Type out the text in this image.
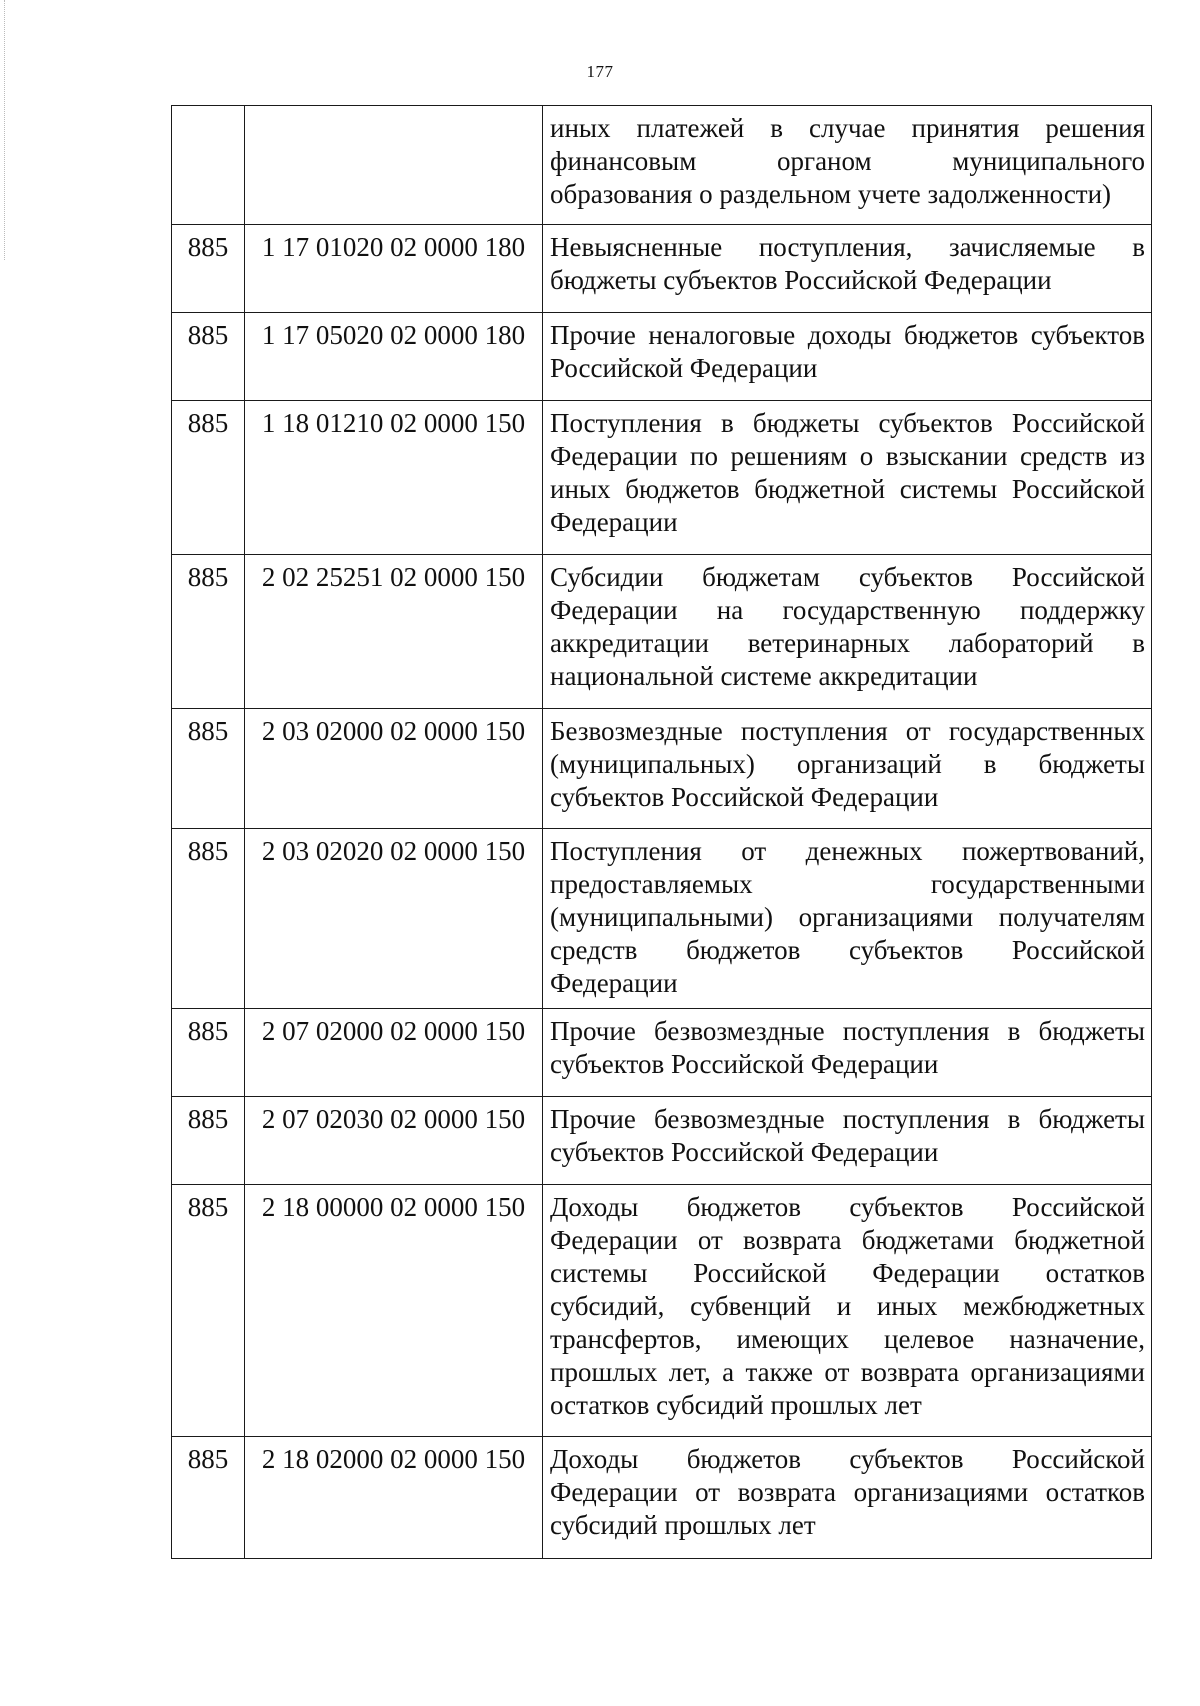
177
		иных платежей в случае принятия решения финансовым органом муниципального образования о раздельном учете задолженности)
885	1 17 01020 02 0000 180	Невыясненные поступления, зачисляемые в бюджеты субъектов Российской Федерации
885	1 17 05020 02 0000 180	Прочие неналоговые доходы бюджетов субъектов Российской Федерации
885	1 18 01210 02 0000 150	Поступления в бюджеты субъектов Российской Федерации по решениям о взыскании средств из иных бюджетов бюджетной системы Российской Федерации
885	2 02 25251 02 0000 150	Субсидии бюджетам субъектов Российской Федерации на государственную поддержку аккредитации ветеринарных лабораторий в национальной системе аккредитации
885	2 03 02000 02 0000 150	Безвозмездные поступления от государственных (муниципальных) организаций в бюджеты субъектов Российской Федерации
885	2 03 02020 02 0000 150	Поступления от денежных пожертвований, предоставляемых государственными (муниципальными) организациями получателям средств бюджетов субъектов Российской Федерации
885	2 07 02000 02 0000 150	Прочие безвозмездные поступления в бюджеты субъектов Российской Федерации
885	2 07 02030 02 0000 150	Прочие безвозмездные поступления в бюджеты субъектов Российской Федерации
885	2 18 00000 02 0000 150	Доходы бюджетов субъектов Российской Федерации от возврата бюджетами бюджетной системы Российской Федерации остатков субсидий, субвенций и иных межбюджетных трансфертов, имеющих целевое назначение, прошлых лет, а также от возврата организациями остатков субсидий прошлых лет
885	2 18 02000 02 0000 150	Доходы бюджетов субъектов Российской Федерации от возврата организациями остатков субсидий прошлых лет
